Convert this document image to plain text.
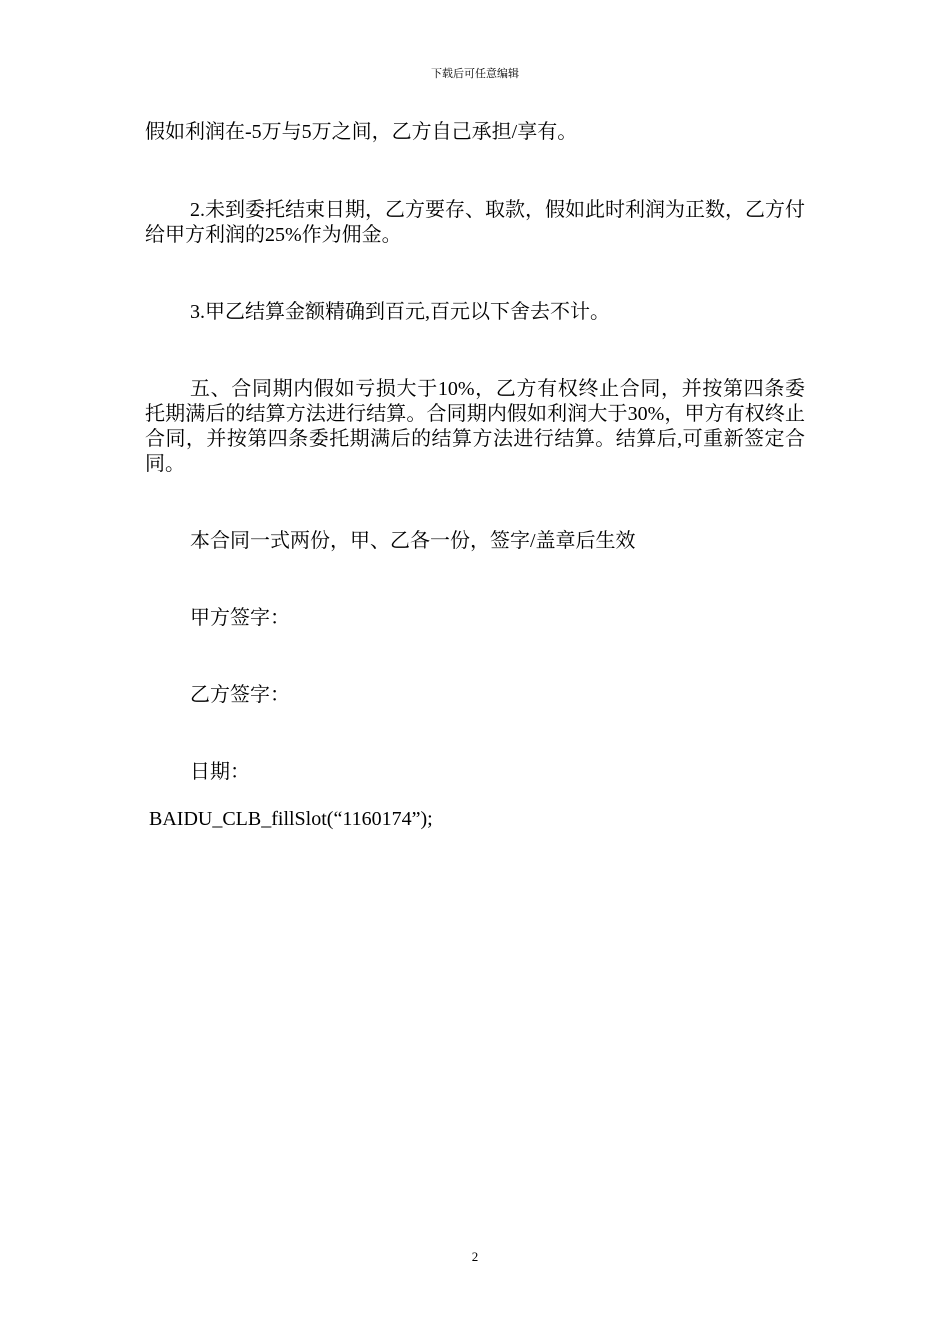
下载后可任意编辑

假如利润在-5万与5万之间，乙方自己承担/享有。

2.未到委托结束日期，乙方要存、取款，假如此时利润为正数，乙方付给甲方利润的25%作为佣金。

3.甲乙结算金额精确到百元,百元以下舍去不计。

五、合同期内假如亏损大于10%，乙方有权终止合同，并按第四条委托期满后的结算方法进行结算。合同期内假如利润大于30%，甲方有权终止合同，并按第四条委托期满后的结算方法进行结算。结算后,可重新签定合同。

本合同一式两份，甲、乙各一份，签字/盖章后生效

甲方签字：

乙方签字：

日期：

BAIDU_CLB_fillSlot(“1160174”);

2
